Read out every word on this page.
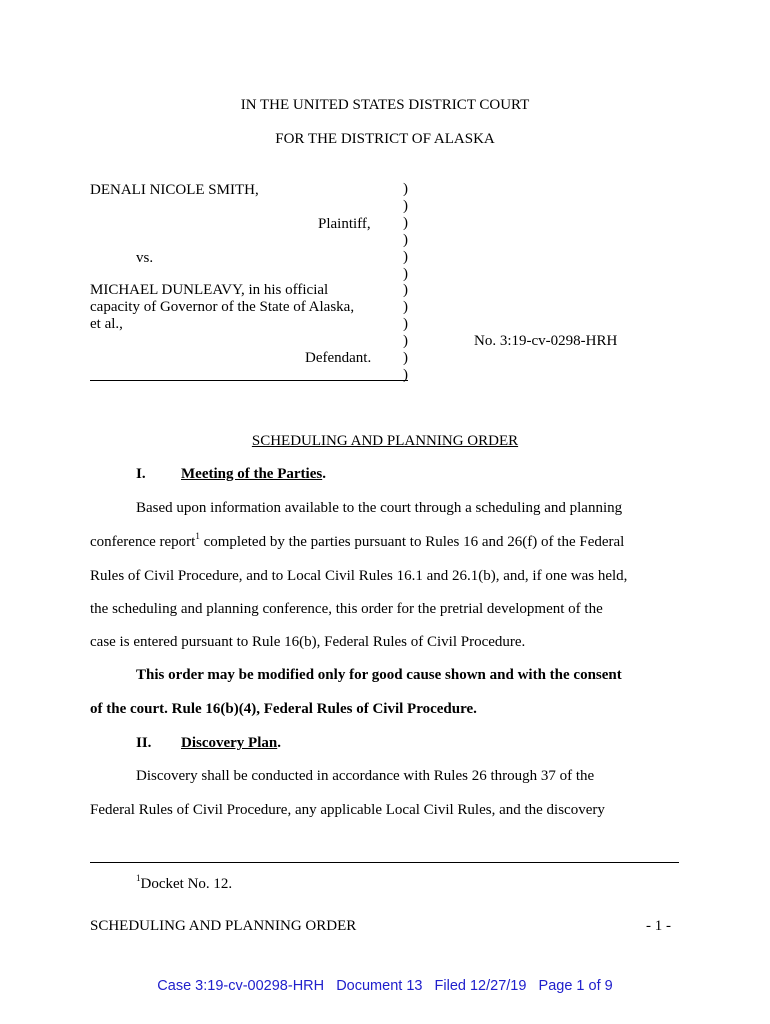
IN THE UNITED STATES DISTRICT COURT
FOR THE DISTRICT OF ALASKA
DENALI NICOLE SMITH,
Plaintiff,
vs.
MICHAEL DUNLEAVY, in his official
capacity of Governor of the State of Alaska,
et al.,
Defendant.
)
)
)
)
)
)
)
)
)
)
)
)
No. 3:19-cv-0298-HRH
SCHEDULING AND PLANNING ORDER
I. Meeting of the Parties.
Based upon information available to the court through a scheduling and planning
conference report$^1$ completed by the parties pursuant to Rules 16 and 26(f) of the Federal
Rules of Civil Procedure, and to Local Civil Rules 16.1 and 26.1(b), and, if one was held,
the scheduling and planning conference, this order for the pretrial development of the
case is entered pursuant to Rule 16(b), Federal Rules of Civil Procedure.
This order may be modified only for good cause shown and with the consent
of the court. Rule 16(b)(4), Federal Rules of Civil Procedure.
II. Discovery Plan.
Discovery shall be conducted in accordance with Rules 26 through 37 of the
Federal Rules of Civil Procedure, any applicable Local Civil Rules, and the discovery
$^1$Docket No. 12.
SCHEDULING AND PLANNING ORDER	- 1 -
Case 3:19-cv-00298-HRH   Document 13   Filed 12/27/19   Page 1 of 9
